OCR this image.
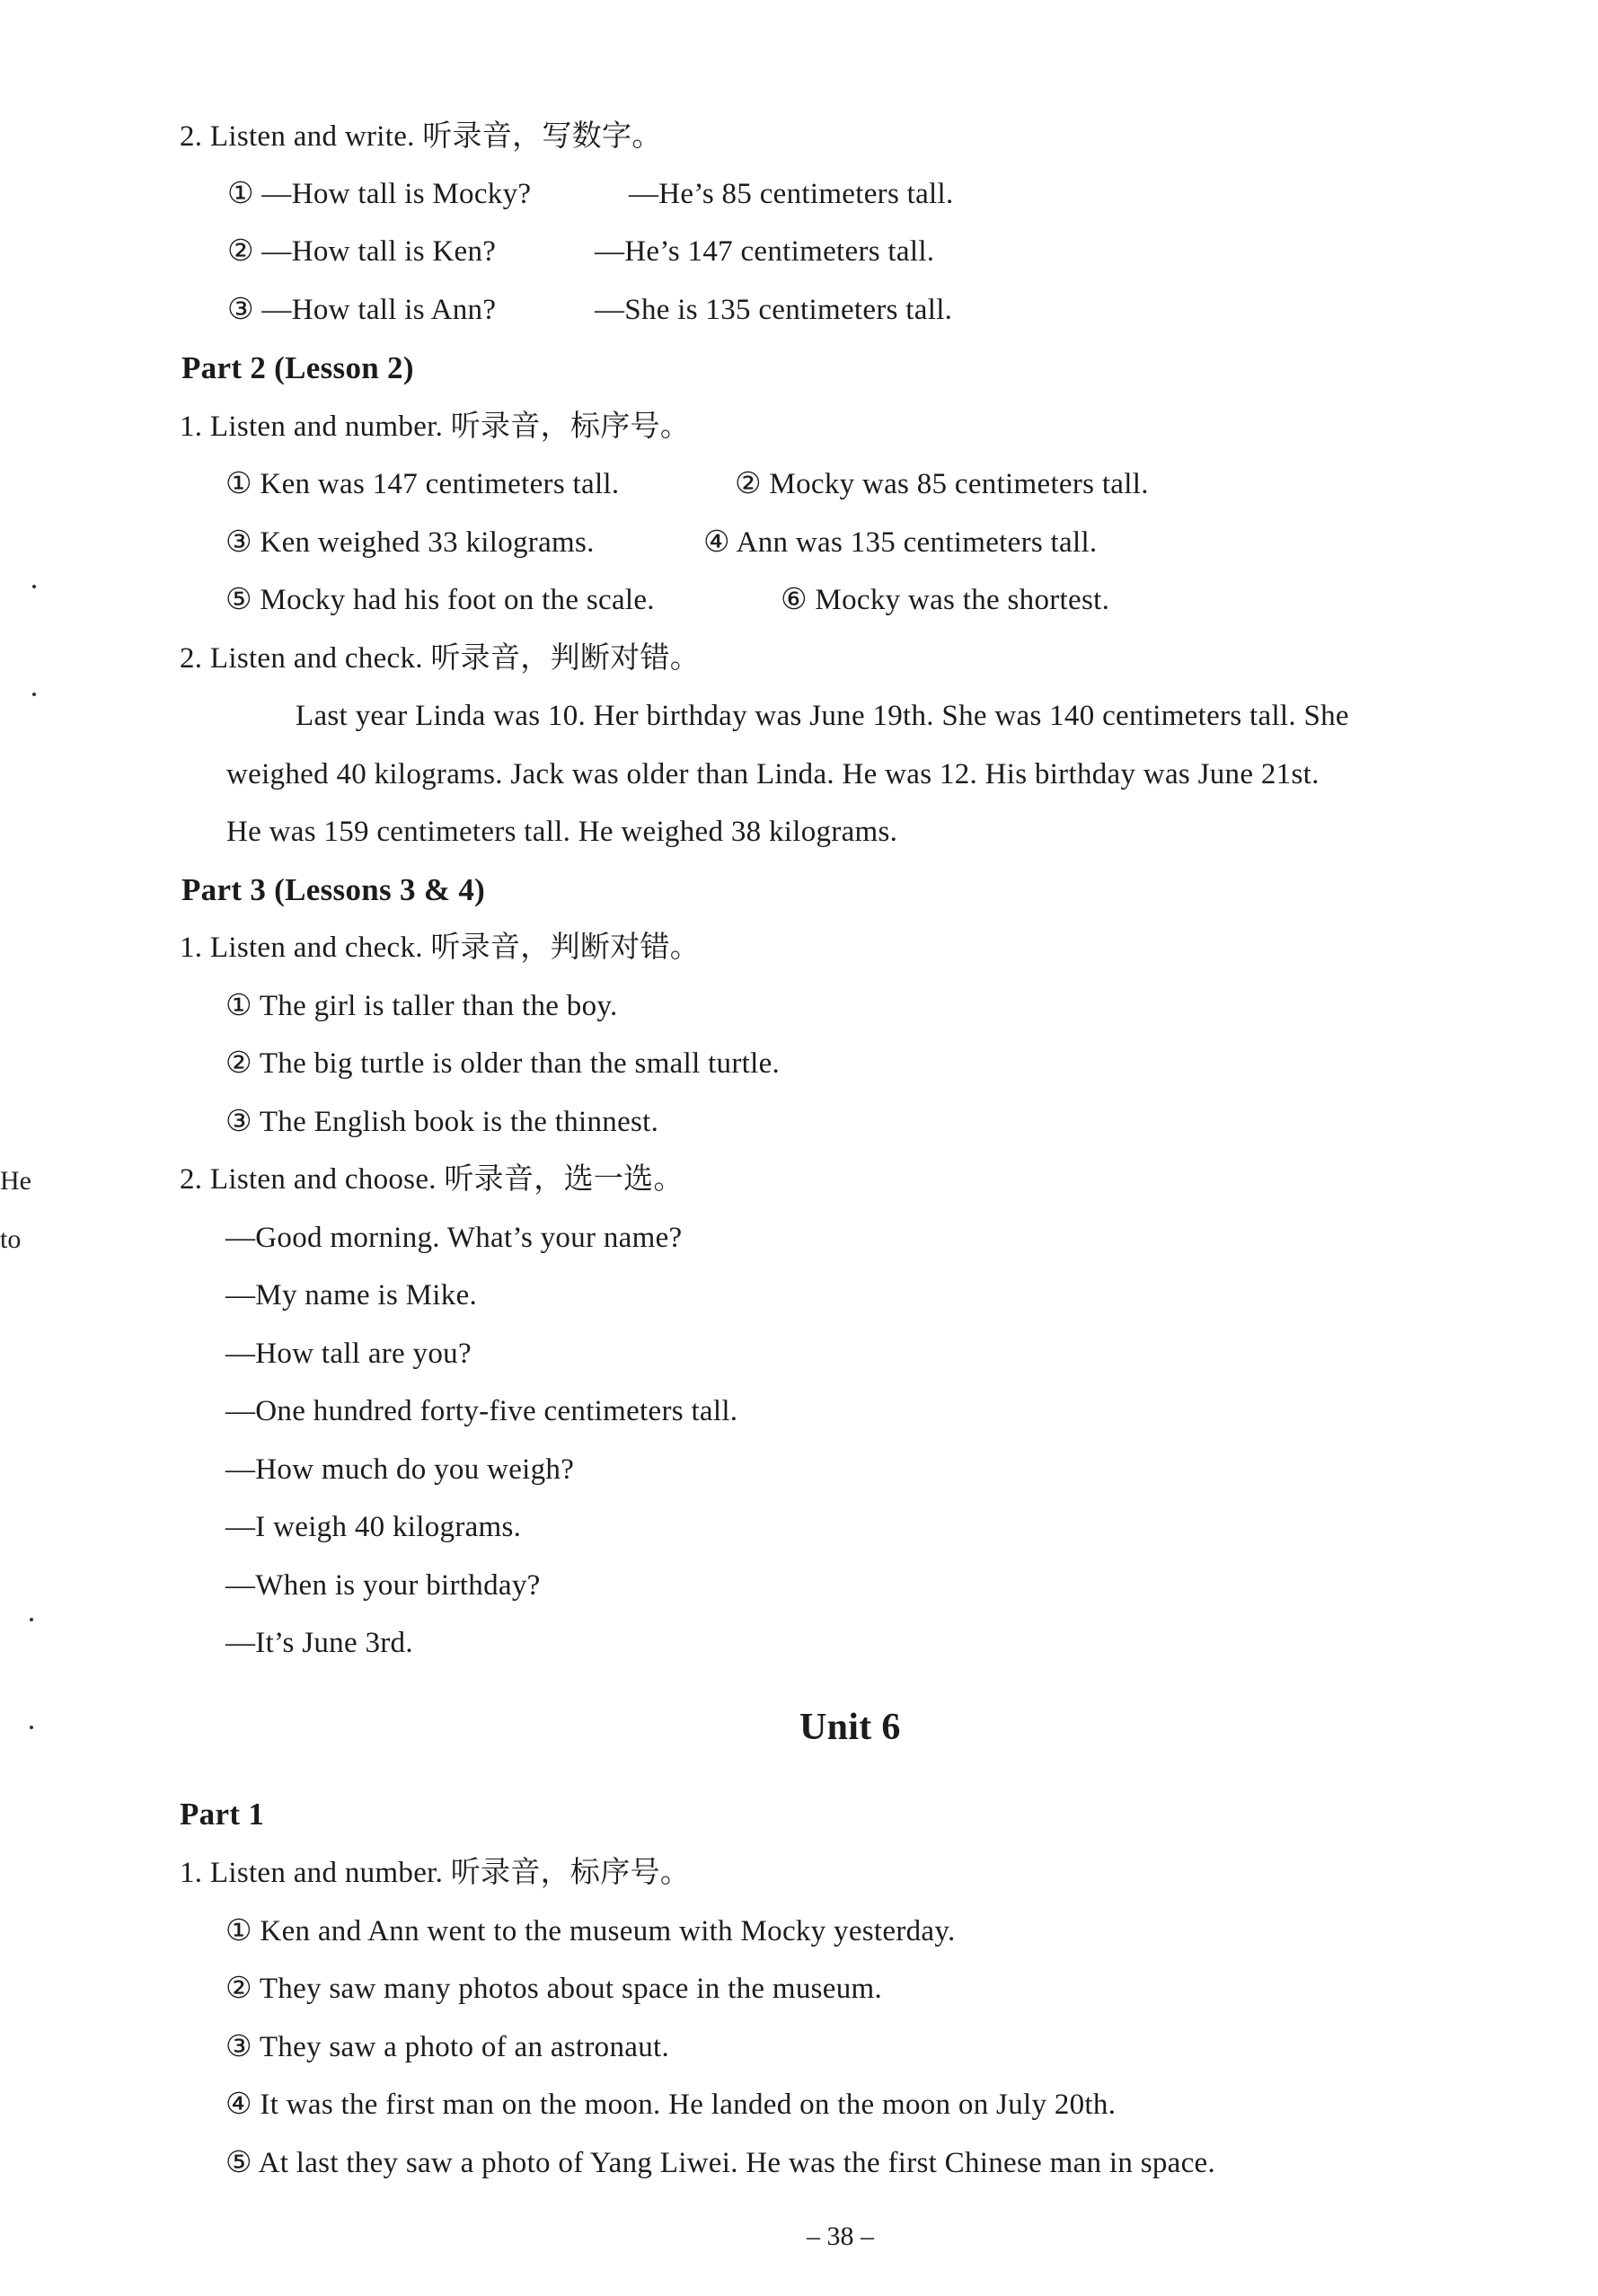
He
to
2. Listen and write. 听录音，写数字。
① —How tall is Mocky?	—He’s 85 centimeters tall.
② —How tall is Ken?	—He’s 147 centimeters tall.
③ —How tall is Ann?	—She is 135 centimeters tall.
Part 2 (Lesson 2)
1. Listen and number. 听录音，标序号。
① Ken was 147 centimeters tall.	② Mocky was 85 centimeters tall.
③ Ken weighed 33 kilograms.	④ Ann was 135 centimeters tall.
⑤ Mocky had his foot on the scale.	⑥ Mocky was the shortest.
2. Listen and check. 听录音，判断对错。
Last year Linda was 10. Her birthday was June 19th. She was 140 centimeters tall. She
weighed 40 kilograms. Jack was older than Linda. He was 12. His birthday was June 21st.
He was 159 centimeters tall. He weighed 38 kilograms.
Part 3 (Lessons 3 & 4)
1. Listen and check. 听录音，判断对错。
① The girl is taller than the boy.
② The big turtle is older than the small turtle.
③ The English book is the thinnest.
2. Listen and choose. 听录音，选一选。
—Good morning. What’s your name?
—My name is Mike.
—How tall are you?
—One hundred forty-five centimeters tall.
—How much do you weigh?
—I weigh 40 kilograms.
—When is your birthday?
—It’s June 3rd.
Unit 6
Part 1
1. Listen and number. 听录音，标序号。
① Ken and Ann went to the museum with Mocky yesterday.
② They saw many photos about space in the museum.
③ They saw a photo of an astronaut.
④ It was the first man on the moon. He landed on the moon on July 20th.
⑤ At last they saw a photo of Yang Liwei. He was the first Chinese man in space.
– 38 –
